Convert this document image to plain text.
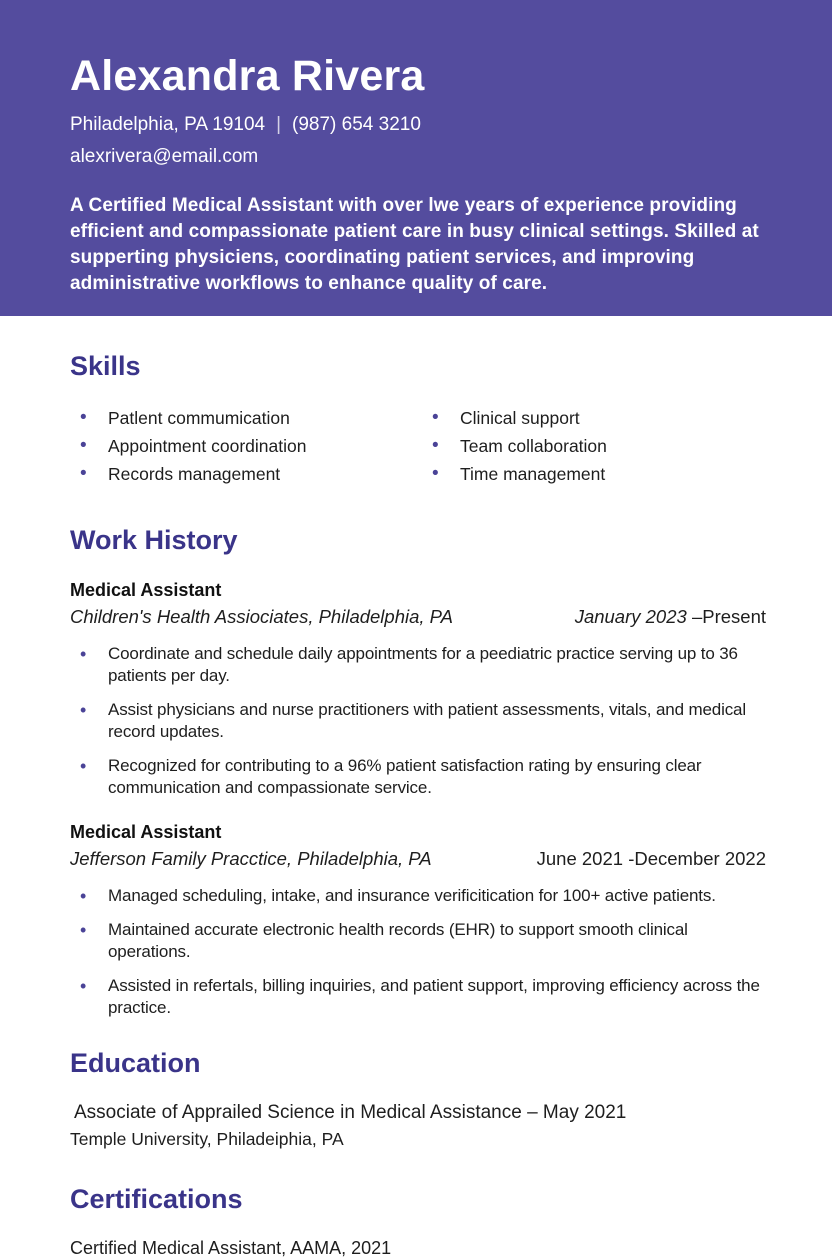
Alexandra Rivera
Philadelphia, PA 19104 | (987) 654 3210
alexrivera@email.com

A Certified Medical Assistant with over lwe years of experience providing efficient and compassionate patient care in busy clinical settings. Skilled at supperting physiciens, coordinating patient services, and improving administrative workflows to enhance quality of care.

Skills
• Patlent commumication
• Appointment coordination
• Records management
• Clinical support
• Team collaboration
• Time management
Work History
Medical Assistant
Children's Health Assiociates, Philadelphia, PA	January 2023 –Present
• Coordinate and schedule daily appointments for a peediatric practice serving up to 36 patients per day.
• Assist physicians and nurse practitioners with patient assessments, vitals, and medical record updates.
• Recognized for contributing to a 96% patient satisfaction rating by ensuring clear communication and compassionate service.
Medical Assistant
Jefferson Family Pracctice, Philadelphia, PA	June 2021 -December 2022
• Managed scheduling, intake, and insurance verificitication for 100+ active patients.
• Maintained accurate electronic health records (EHR) to support smooth clinical operations.
• Assisted in refertals, billing inquiries, and patient support, improving efficiency across the practice.
Education
Associate of Apprailed Science in Medical Assistance – May 2021
Temple University, Philadeiphia, PA
Certifications
Certified Medical Assistant, AAMA, 2021
